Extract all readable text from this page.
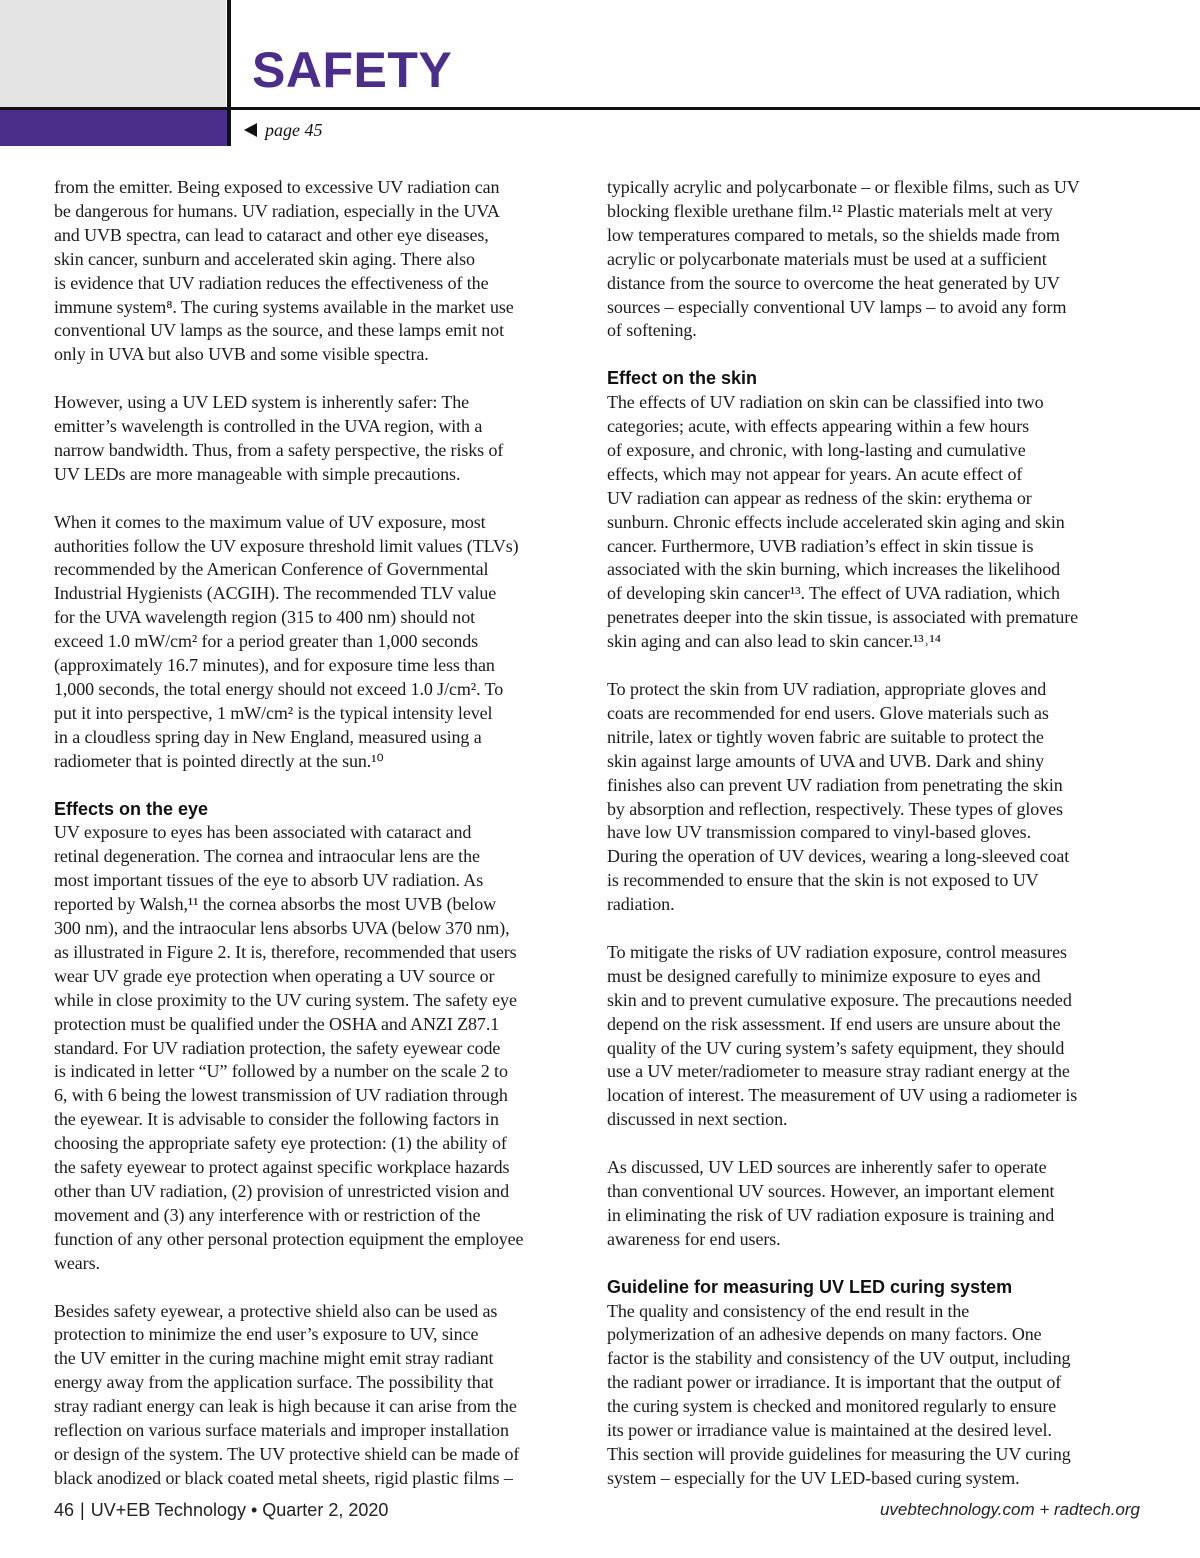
SAFETY
page 45

from the emitter. Being exposed to excessive UV radiation can
be dangerous for humans. UV radiation, especially in the UVA
and UVB spectra, can lead to cataract and other eye diseases,
skin cancer, sunburn and accelerated skin aging. There also
is evidence that UV radiation reduces the effectiveness of the
immune system⁸. The curing systems available in the market use
conventional UV lamps as the source, and these lamps emit not
only in UVA but also UVB and some visible spectra.

However, using a UV LED system is inherently safer: The
emitter’s wavelength is controlled in the UVA region, with a
narrow bandwidth. Thus, from a safety perspective, the risks of
UV LEDs are more manageable with simple precautions.

When it comes to the maximum value of UV exposure, most
authorities follow the UV exposure threshold limit values (TLVs)
recommended by the American Conference of Governmental
Industrial Hygienists (ACGIH). The recommended TLV value
for the UVA wavelength region (315 to 400 nm) should not
exceed 1.0 mW/cm² for a period greater than 1,000 seconds
(approximately 16.7 minutes), and for exposure time less than
1,000 seconds, the total energy should not exceed 1.0 J/cm². To
put it into perspective, 1 mW/cm² is the typical intensity level
in a cloudless spring day in New England, measured using a
radiometer that is pointed directly at the sun.¹⁰

Effects on the eye

UV exposure to eyes has been associated with cataract and
retinal degeneration. The cornea and intraocular lens are the
most important tissues of the eye to absorb UV radiation. As
reported by Walsh,¹¹ the cornea absorbs the most UVB (below
300 nm), and the intraocular lens absorbs UVA (below 370 nm),
as illustrated in Figure 2. It is, therefore, recommended that users
wear UV grade eye protection when operating a UV source or
while in close proximity to the UV curing system. The safety eye
protection must be qualified under the OSHA and ANZI Z87.1
standard. For UV radiation protection, the safety eyewear code
is indicated in letter “U” followed by a number on the scale 2 to
6, with 6 being the lowest transmission of UV radiation through
the eyewear. It is advisable to consider the following factors in
choosing the appropriate safety eye protection: (1) the ability of
the safety eyewear to protect against specific workplace hazards
other than UV radiation, (2) provision of unrestricted vision and
movement and (3) any interference with or restriction of the
function of any other personal protection equipment the employee
wears.

Besides safety eyewear, a protective shield also can be used as
protection to minimize the end user’s exposure to UV, since
the UV emitter in the curing machine might emit stray radiant
energy away from the application surface. The possibility that
stray radiant energy can leak is high because it can arise from the
reflection on various surface materials and improper installation
or design of the system. The UV protective shield can be made of
black anodized or black coated metal sheets, rigid plastic films –

typically acrylic and polycarbonate – or flexible films, such as UV
blocking flexible urethane film.¹² Plastic materials melt at very
low temperatures compared to metals, so the shields made from
acrylic or polycarbonate materials must be used at a sufficient
distance from the source to overcome the heat generated by UV
sources – especially conventional UV lamps – to avoid any form
of softening.

Effect on the skin

The effects of UV radiation on skin can be classified into two
categories; acute, with effects appearing within a few hours
of exposure, and chronic, with long-lasting and cumulative
effects, which may not appear for years. An acute effect of
UV radiation can appear as redness of the skin: erythema or
sunburn. Chronic effects include accelerated skin aging and skin
cancer. Furthermore, UVB radiation’s effect in skin tissue is
associated with the skin burning, which increases the likelihood
of developing skin cancer¹³. The effect of UVA radiation, which
penetrates deeper into the skin tissue, is associated with premature
skin aging and can also lead to skin cancer.¹³˒¹⁴

To protect the skin from UV radiation, appropriate gloves and
coats are recommended for end users. Glove materials such as
nitrile, latex or tightly woven fabric are suitable to protect the
skin against large amounts of UVA and UVB. Dark and shiny
finishes also can prevent UV radiation from penetrating the skin
by absorption and reflection, respectively. These types of gloves
have low UV transmission compared to vinyl-based gloves.
During the operation of UV devices, wearing a long-sleeved coat
is recommended to ensure that the skin is not exposed to UV
radiation.

To mitigate the risks of UV radiation exposure, control measures
must be designed carefully to minimize exposure to eyes and
skin and to prevent cumulative exposure. The precautions needed
depend on the risk assessment. If end users are unsure about the
quality of the UV curing system’s safety equipment, they should
use a UV meter/radiometer to measure stray radiant energy at the
location of interest. The measurement of UV using a radiometer is
discussed in next section.

As discussed, UV LED sources are inherently safer to operate
than conventional UV sources. However, an important element
in eliminating the risk of UV radiation exposure is training and
awareness for end users.

Guideline for measuring UV LED curing system

The quality and consistency of the end result in the
polymerization of an adhesive depends on many factors. One
factor is the stability and consistency of the UV output, including
the radiant power or irradiance. It is important that the output of
the curing system is checked and monitored regularly to ensure
its power or irradiance value is maintained at the desired level.
This section will provide guidelines for measuring the UV curing
system – especially for the UV LED-based curing system.

46 | UV+EB Technology • Quarter 2, 2020	uvebtechnology.com + radtech.org
